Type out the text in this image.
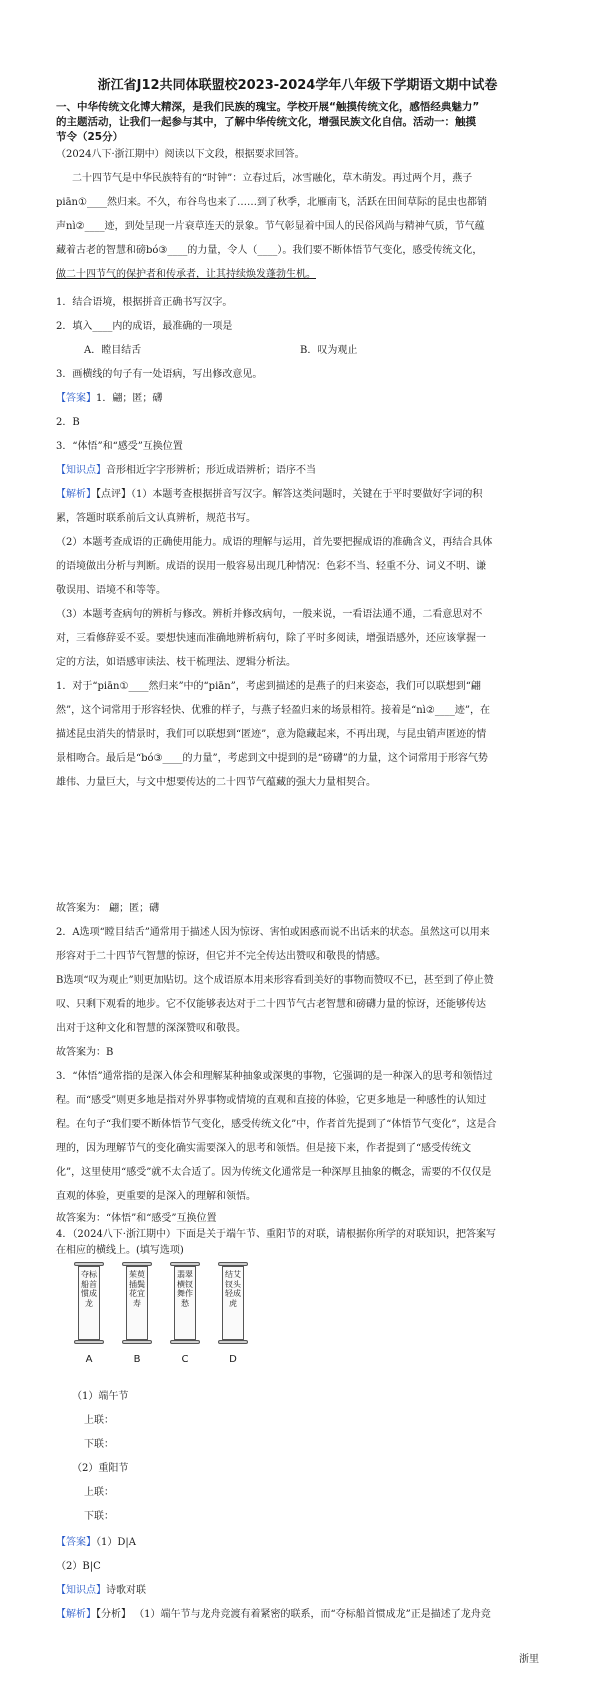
浙江省J12共同体联盟校2023-2024学年八年级下学期语文期中试卷
一、中华传统文化博大精深，是我们民族的瑰宝。学校开展“触摸传统文化，感悟经典魅力”
的主题活动，让我们一起参与其中，了解中华传统文化，增强民族文化自信。活动一：触摸
节令（25分）
（2024八下·浙江期中）阅读以下文段，根据要求回答。
二十四节气是中华民族特有的“时钟”：立春过后，冰雪融化，草木萌发。再过两个月，燕子
piān①____然归来。不久，布谷鸟也来了……到了秋季，北雁南飞，活跃在田间草际的昆虫也都销
声nì②____迹，到处呈现一片衰草连天的景象。节气彰显着中国人的民俗风尚与精神气质，节气蕴
藏着古老的智慧和磅bó③____的力量，令人（____）。我们要不断体悟节气变化，感受传统文化，
做二十四节气的保护者和传承者，让其持续焕发蓬勃生机。
1．结合语境，根据拼音正确书写汉字。
2．填入____内的成语，最准确的一项是
A．瞠目结舌	B．叹为观止
3．画横线的句子有一处语病，写出修改意见。
【答案】1．翩；匿；礴
2．B
3．“体悟”和“感受”互换位置
【知识点】音形相近字字形辨析；形近成语辨析；语序不当
【解析】【点评】（1）本题考查根据拼音写汉字。解答这类问题时，关键在于平时要做好字词的积
累，答题时联系前后文认真辨析，规范书写。
（2）本题考查成语的正确使用能力。成语的理解与运用，首先要把握成语的准确含义，再结合具体
的语境做出分析与判断。成语的误用一般容易出现几种情况：色彩不当、轻重不分、词义不明、谦
敬误用、语境不和等等。
（3）本题考查病句的辨析与修改。辨析并修改病句，一般来说，一看语法通不通，二看意思对不
对，三看修辞妥不妥。要想快速而准确地辨析病句，除了平时多阅读，增强语感外，还应该掌握一
定的方法，如语感审读法、枝干梳理法、逻辑分析法。
1．对于“piān①____然归来”中的“piān”，考虑到描述的是燕子的归来姿态，我们可以联想到“翩
然”，这个词常用于形容轻快、优雅的样子，与燕子轻盈归来的场景相符。接着是“nì②____迹”，在
描述昆虫消失的情景时，我们可以联想到“匿迹”，意为隐藏起来，不再出现，与昆虫销声匿迹的情
景相吻合。最后是“bó③____的力量”，考虑到文中提到的是“磅礴”的力量，这个词常用于形容气势
雄伟、力量巨大，与文中想要传达的二十四节气蕴藏的强大力量相契合。
故答案为： 翩；匿；礴
2．A选项“瞠目结舌”通常用于描述人因为惊讶、害怕或困惑而说不出话来的状态。虽然这可以用来
形容对于二十四节气智慧的惊讶，但它并不完全传达出赞叹和敬畏的情感。
B选项“叹为观止”则更加贴切。这个成语原本用来形容看到美好的事物而赞叹不已，甚至到了停止赞
叹、只剩下观看的地步。它不仅能够表达对于二十四节气古老智慧和磅礴力量的惊讶，还能够传达
出对于这种文化和智慧的深深赞叹和敬畏。
故答案为：B
3．“体悟”通常指的是深入体会和理解某种抽象或深奥的事物，它强调的是一种深入的思考和领悟过
程。而“感受”则更多地是指对外界事物或情境的直观和直接的体验，它更多地是一种感性的认知过
程。在句子“我们要不断体悟节气变化，感受传统文化”中，作者首先提到了“体悟节气变化”，这是合
理的，因为理解节气的变化确实需要深入的思考和领悟。但是接下来，作者提到了“感受传统文
化”，这里使用“感受”就不太合适了。因为传统文化通常是一种深厚且抽象的概念，需要的不仅仅是
直观的体验，更重要的是深入的理解和领悟。
故答案为：“体悟”和“感受”互换位置
4．（2024八下·浙江期中）下面是关于端午节、重阳节的对联，请根据你所学的对联知识，把答案写
在相应的横线上。(填写选项)
夺标船首惯成龙
A
茱萸插鬓花宜寿
B
翡翠横钗舞作愁
C
结艾钗头轻成虎
D
（1）端午节
上联：
下联：
（2）重阳节
上联：
下联：
【答案】（1）D|A
（2）B|C
【知识点】诗歌对联
【解析】【分析】 （1）端午节与龙舟竞渡有着紧密的联系，而“夺标船首惯成龙”正是描述了龙舟竞
浙里
